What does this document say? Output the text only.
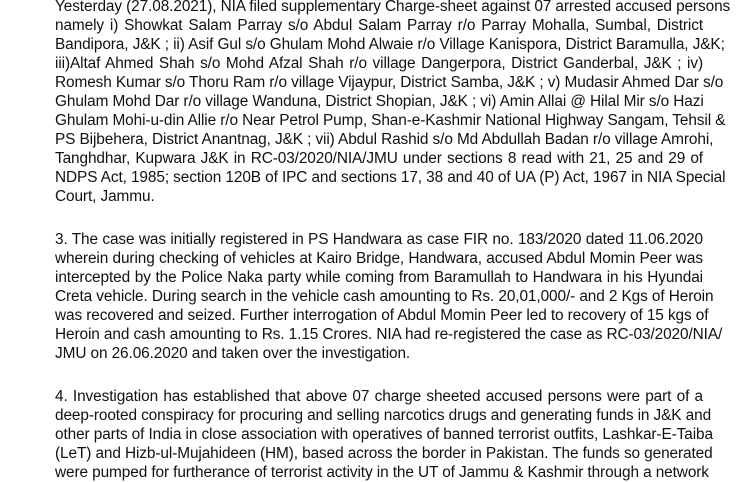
Yesterday (27.08.2021), NIA filed supplementary Charge-sheet against 07 arrested accused persons
namely i) Showkat Salam Parray s/o Abdul Salam Parray r/o Parray Mohalla, Sumbal, District
Bandipora, J&K ; ii) Asif Gul s/o Ghulam Mohd Alwaie r/o Village Kanispora, District Baramulla, J&K;
iii)Altaf Ahmed Shah s/o Mohd Afzal Shah r/o village Dangerpora, District Ganderbal, J&K ; iv)
Romesh Kumar s/o Thoru Ram r/o village Vijaypur, District Samba, J&K ; v) Mudasir Ahmed Dar s/o
Ghulam Mohd Dar r/o village Wanduna, District Shopian, J&K ; vi) Amin Allai @ Hilal Mir s/o Hazi
Ghulam Mohi-u-din Allie r/o Near Petrol Pump, Shan-e-Kashmir National Highway Sangam, Tehsil &
PS Bijbehera, District Anantnag, J&K ; vii) Abdul Rashid s/o Md Abdullah Badan r/o village Amrohi,
Tanghdhar, Kupwara J&K in RC-03/2020/NIA/JMU under sections 8 read with 21, 25 and 29 of
NDPS Act, 1985; section 120B of IPC and sections 17, 38 and 40 of UA (P) Act, 1967 in NIA Special
Court, Jammu.
3. The case was initially registered in PS Handwara as case FIR no. 183/2020 dated 11.06.2020
wherein during checking of vehicles at Kairo Bridge, Handwara, accused Abdul Momin Peer was
intercepted by the Police Naka party while coming from Baramullah to Handwara in his Hyundai
Creta vehicle. During search in the vehicle cash amounting to Rs. 20,01,000/- and 2 Kgs of Heroin
was recovered and seized. Further interrogation of Abdul Momin Peer led to recovery of 15 kgs of
Heroin and cash amounting to Rs. 1.15 Crores. NIA had re-registered the case as RC-03/2020/NIA/
JMU on 26.06.2020 and taken over the investigation.
4. Investigation has established that above 07 charge sheeted accused persons were part of a
deep-rooted conspiracy for procuring and selling narcotics drugs and generating funds in J&K and
other parts of India in close association with operatives of banned terrorist outfits, Lashkar-E-Taiba
(LeT) and Hizb-ul-Mujahideen (HM), based across the border in Pakistan. The funds so generated
were pumped for furtherance of terrorist activity in the UT of Jammu & Kashmir through a network
